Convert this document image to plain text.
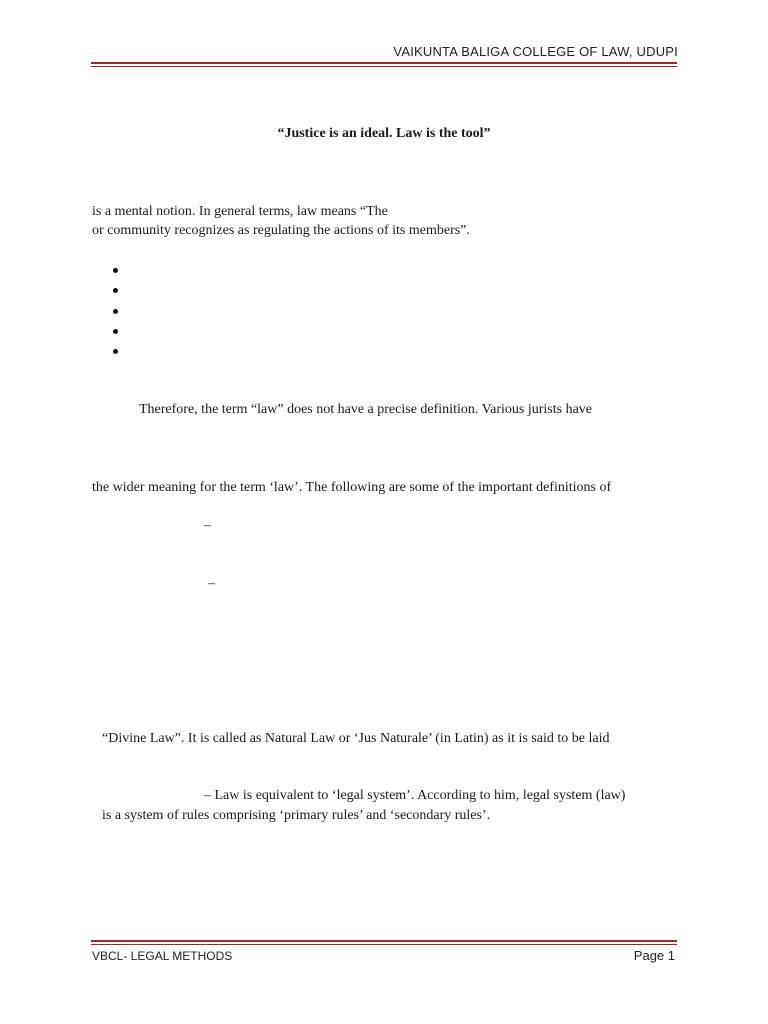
VAIKUNTA BALIGA COLLEGE OF LAW, UDUPI
“Justice is an ideal. Law is the tool”
is a mental notion. In general terms, law means “The
or community recognizes as regulating the actions of its members”.
Therefore, the term “law” does not have a precise definition. Various jurists have
the wider meaning for the term ‘law’. The following are some of the important definitions of
–
–
“Divine Law”. It is called as Natural Law or ‘Jus Naturale’ (in Latin) as it is said to be laid
– Law is equivalent to ‘legal system’. According to him, legal system (law)
is a system of rules comprising ‘primary rules’ and ‘secondary rules’.
VBCL- LEGAL METHODS	Page 1
